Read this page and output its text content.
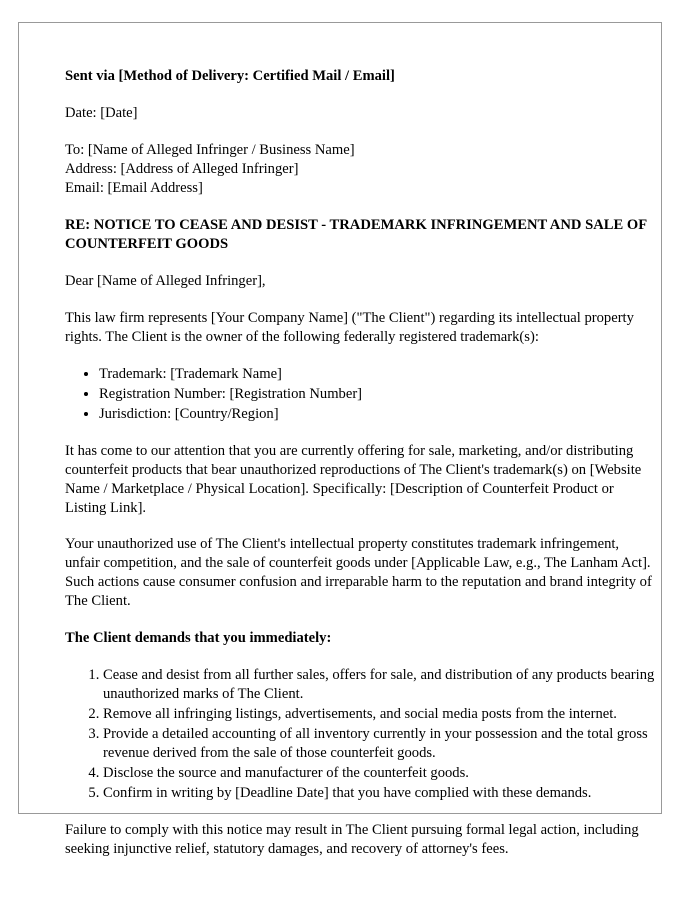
Sent via [Method of Delivery: Certified Mail / Email]

Date: [Date]

To: [Name of Alleged Infringer / Business Name]

Address: [Address of Alleged Infringer]

Email: [Email Address]

RE: NOTICE TO CEASE AND DESIST - TRADEMARK INFRINGEMENT AND SALE OF COUNTERFEIT GOODS

Dear [Name of Alleged Infringer],

This law firm represents [Your Company Name] ("The Client") regarding its intellectual property rights. The Client is the owner of the following federally registered trademark(s):

• Trademark: [Trademark Name]
• Registration Number: [Registration Number]
• Jurisdiction: [Country/Region]

It has come to our attention that you are currently offering for sale, marketing, and/or distributing counterfeit products that bear unauthorized reproductions of The Client's trademark(s) on [Website Name / Marketplace / Physical Location]. Specifically: [Description of Counterfeit Product or Listing Link].

Your unauthorized use of The Client's intellectual property constitutes trademark infringement, unfair competition, and the sale of counterfeit goods under [Applicable Law, e.g., The Lanham Act]. Such actions cause consumer confusion and irreparable harm to the reputation and brand integrity of The Client.

The Client demands that you immediately:

1. Cease and desist from all further sales, offers for sale, and distribution of any products bearing unauthorized marks of The Client.
2. Remove all infringing listings, advertisements, and social media posts from the internet.
3. Provide a detailed accounting of all inventory currently in your possession and the total gross revenue derived from the sale of those counterfeit goods.
4. Disclose the source and manufacturer of the counterfeit goods.
5. Confirm in writing by [Deadline Date] that you have complied with these demands.

Failure to comply with this notice may result in The Client pursuing formal legal action, including seeking injunctive relief, statutory damages, and recovery of attorney's fees.
